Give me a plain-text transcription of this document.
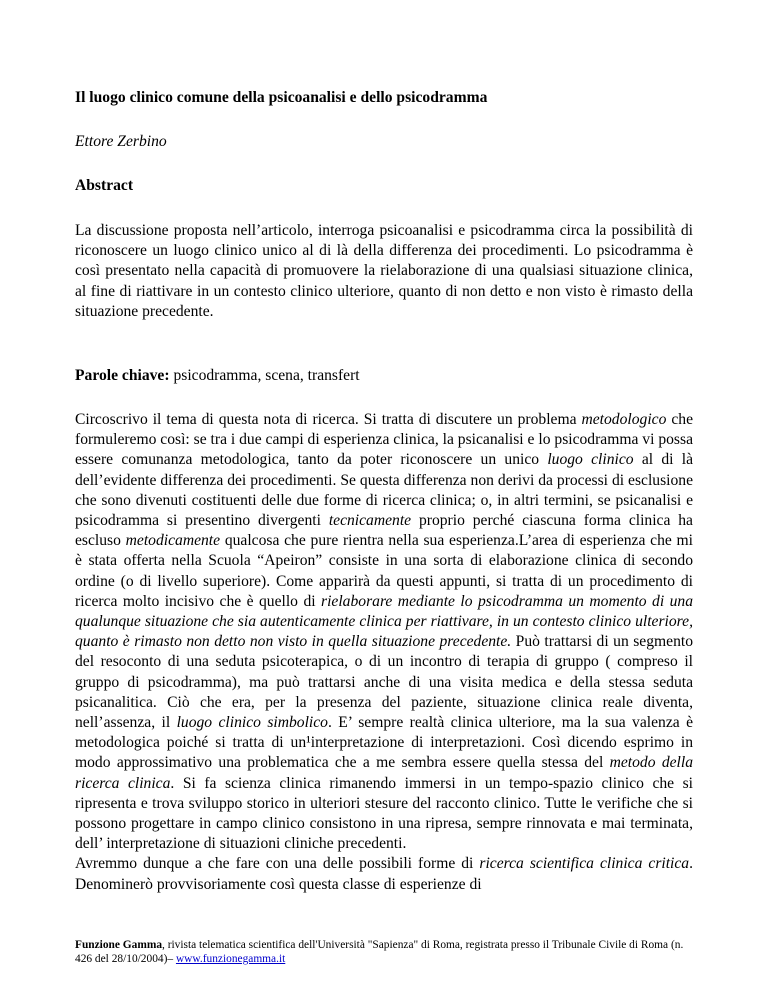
Il luogo clinico comune della psicoanalisi e dello psicodramma
Ettore Zerbino
Abstract
La discussione proposta nell’articolo, interroga psicoanalisi e psicodramma circa la possibilità di riconoscere un luogo clinico unico al di là della differenza dei procedimenti. Lo psicodramma è così presentato nella capacità di promuovere la rielaborazione di una qualsiasi situazione clinica, al fine di riattivare in un contesto clinico ulteriore, quanto di non detto e non visto è rimasto della situazione precedente.
Parole chiave: psicodramma, scena, transfert

Circoscrivo il tema di questa nota di ricerca. Si tratta di discutere un problema metodologico che formuleremo così: se tra i due campi di esperienza clinica, la psicanalisi e lo psicodramma vi possa essere comunanza metodologica, tanto da poter riconoscere un unico luogo clinico al di là dell’evidente differenza dei procedimenti. Se questa differenza non derivi da processi di esclusione che sono divenuti costituenti delle due forme di ricerca clinica; o, in altri termini, se psicanalisi e psicodramma si presentino divergenti tecnicamente proprio perché ciascuna forma clinica ha escluso metodicamente qualcosa che pure rientra nella sua esperienza.L’area di esperienza che mi è stata offerta nella Scuola “Apeiron” consiste in una sorta di elaborazione clinica di secondo ordine (o di livello superiore). Come apparirà da questi appunti, si tratta di un procedimento di ricerca molto incisivo che è quello di rielaborare mediante lo psicodramma un momento di una qualunque situazione che sia autenticamente clinica per riattivare, in un contesto clinico ulteriore, quanto è rimasto non detto non visto in quella situazione precedente. Può trattarsi di un segmento del resoconto di una seduta psicoterapica, o di un incontro di terapia di gruppo ( compreso il gruppo di psicodramma), ma può trattarsi anche di una visita medica e della stessa seduta psicanalitica. Ciò che era, per la presenza del paziente, situazione clinica reale diventa, nell’assenza, il luogo clinico simbolico. E’ sempre realtà clinica ulteriore, ma la sua valenza è metodologica poiché si tratta di un¹interpretazione di interpretazioni. Così dicendo esprimo in modo approssimativo una problematica che a me sembra essere quella stessa del metodo della ricerca clinica. Si fa scienza clinica rimanendo immersi in un tempo-spazio clinico che si ripresenta e trova sviluppo storico in ulteriori stesure del racconto clinico. Tutte le verifiche che si possono progettare in campo clinico consistono in una ripresa, sempre rinnovata e mai terminata, dell’ interpretazione di situazioni cliniche precedenti.

Avremmo dunque a che fare con una delle possibili forme di ricerca scientifica clinica critica. Denominerò provvisoriamente così questa classe di esperienze di

Funzione Gamma, rivista telematica scientifica dell'Università "Sapienza" di Roma, registrata presso il Tribunale Civile di Roma (n. 426 del 28/10/2004)– www.funzionegamma.it
